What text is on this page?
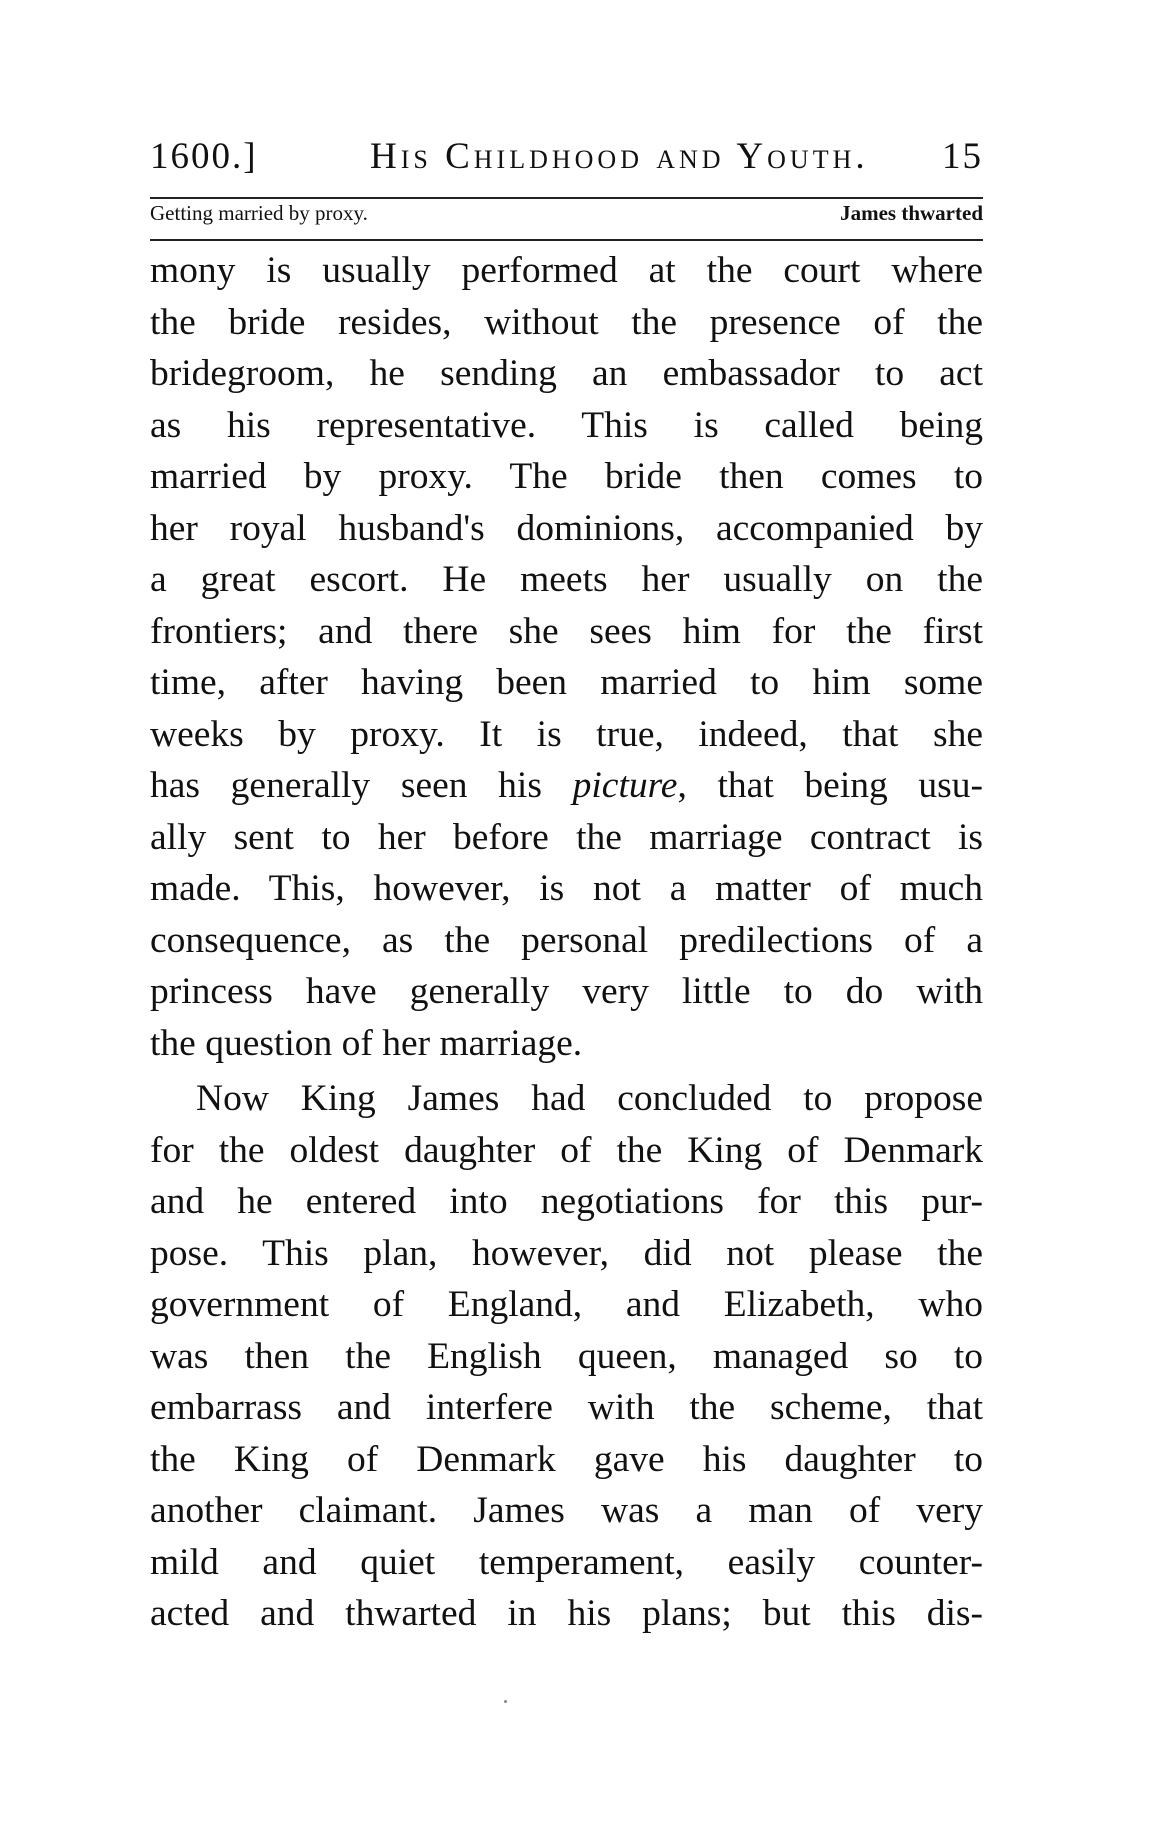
1600.]	His Childhood and Youth. 15
Getting married by proxy.	James thwarted
mony is usually performed at the court where
the bride resides, without the presence of the
bridegroom, he sending an embassador to act
as his representative. This is called being
married by proxy. The bride then comes to
her royal husband's dominions, accompanied by
a great escort. He meets her usually on the
frontiers; and there she sees him for the first
time, after having been married to him some
weeks by proxy. It is true, indeed, that she
has generally seen his picture, that being usu-
ally sent to her before the marriage contract is
made. This, however, is not a matter of much
consequence, as the personal predilections of a
princess have generally very little to do with
the question of her marriage.
Now King James had concluded to propose
for the oldest daughter of the King of Denmark
and he entered into negotiations for this pur-
pose. This plan, however, did not please the
government of England, and Elizabeth, who
was then the English queen, managed so to
embarrass and interfere with the scheme, that
the King of Denmark gave his daughter to
another claimant. James was a man of very
mild and quiet temperament, easily counter-
acted and thwarted in his plans; but this dis-
